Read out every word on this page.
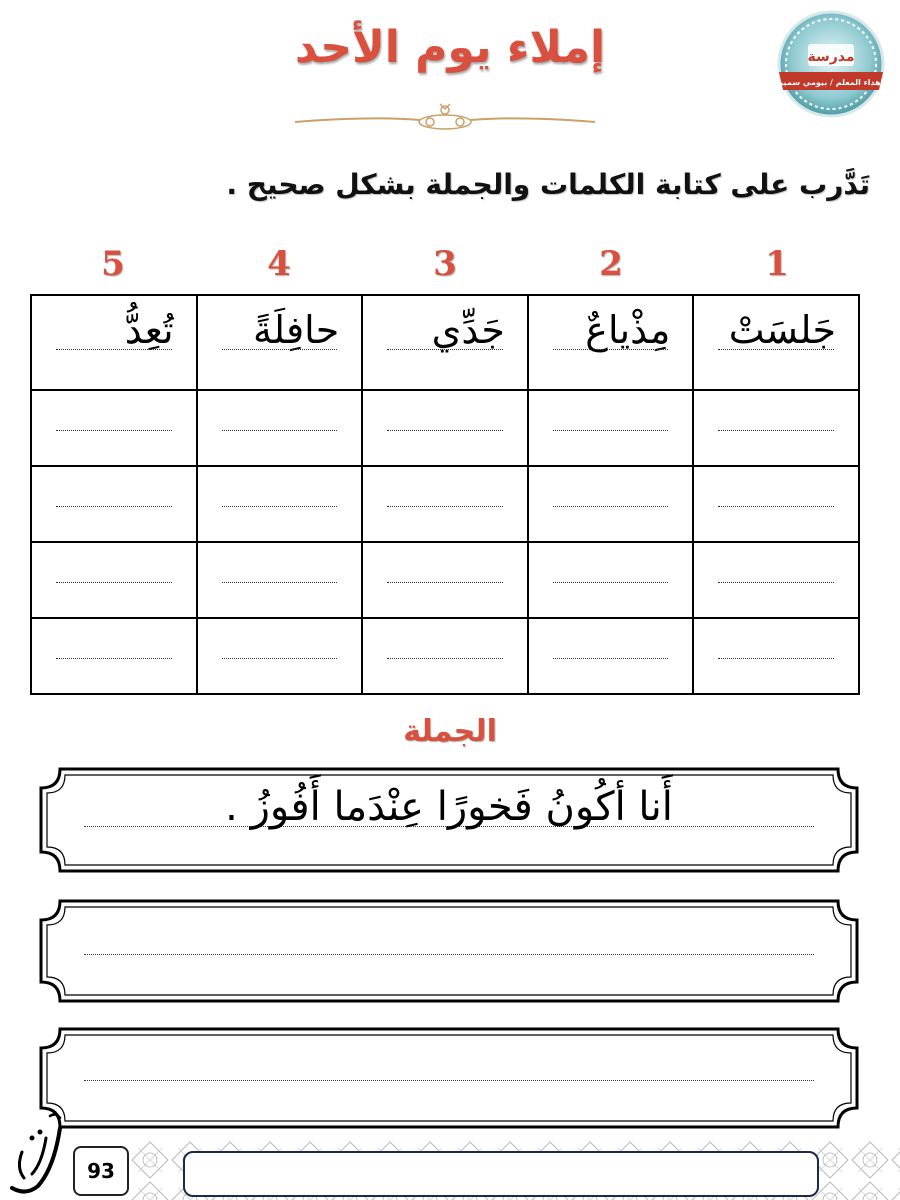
مدرسة
إهداء المعلم / بيومي سمير
إملاء يوم الأحد
تَدَّرب على كتابة الكلمات والجملة بشكل صحيح .
1
2
3
4
5
جَلسَتْ	مِذْياعٌ	جَدِّي	حافِلَةً	تُعِدُّ

الجملة
أَنا أكُونُ فَخورًا عِنْدَما أَفُوزُ .
93
